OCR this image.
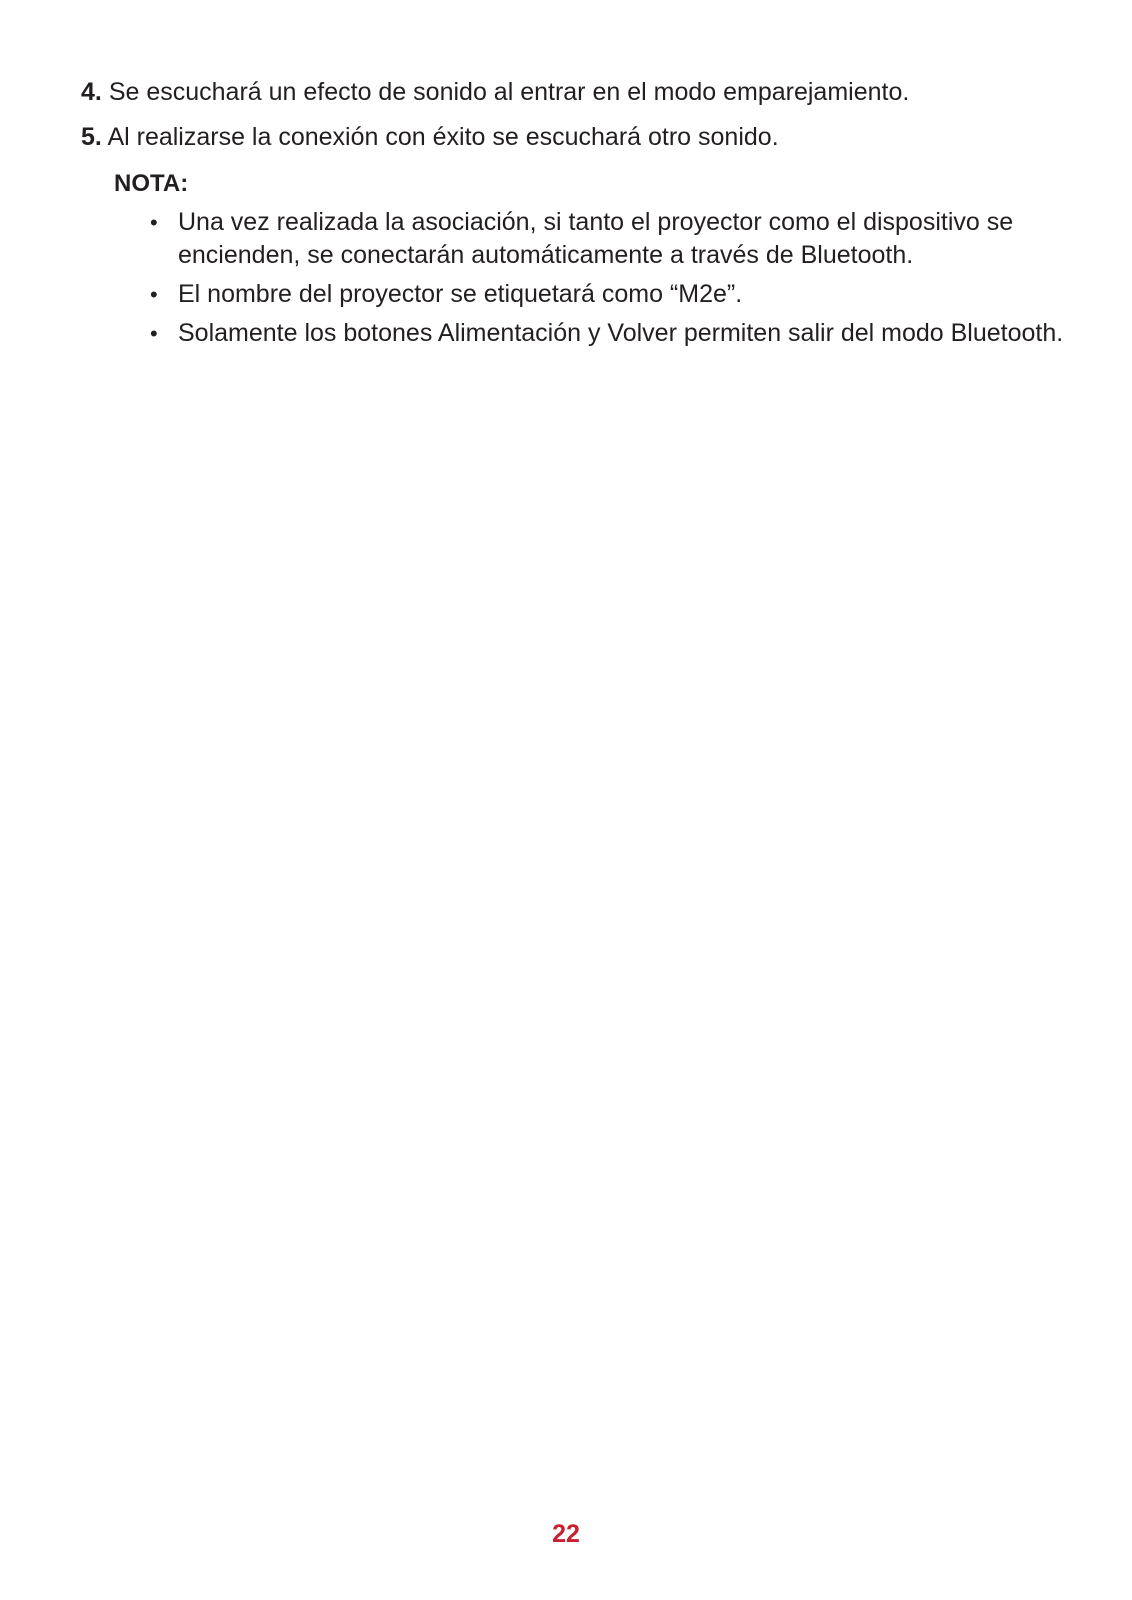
4. Se escuchará un efecto de sonido al entrar en el modo emparejamiento.
5. Al realizarse la conexión con éxito se escuchará otro sonido.
NOTA:
• Una vez realizada la asociación, si tanto el proyector como el dispositivo se encienden, se conectarán automáticamente a través de Bluetooth.
• El nombre del proyector se etiquetará como “M2e”.
• Solamente los botones Alimentación y Volver permiten salir del modo Bluetooth.
22
